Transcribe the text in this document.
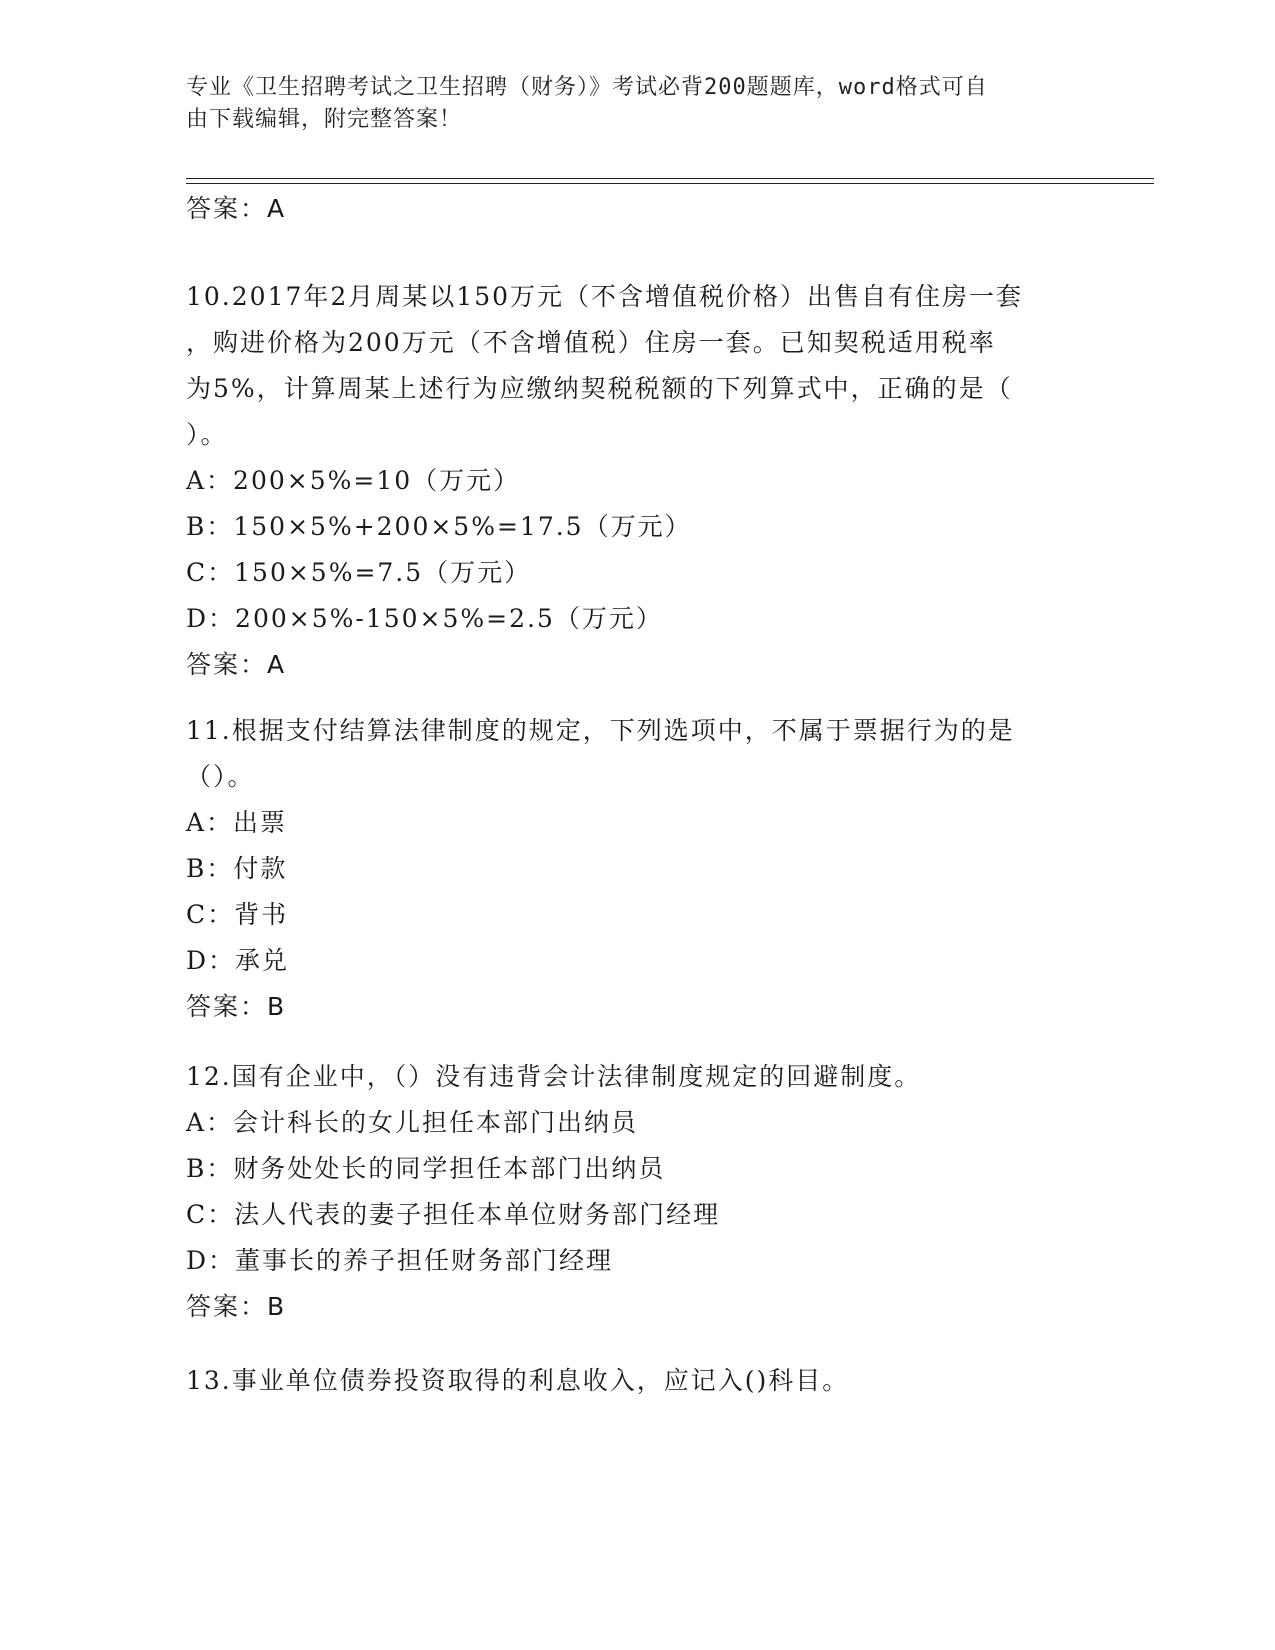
专业《卫生招聘考试之卫生招聘（财务）》考试必背200题题库，word格式可自
由下载编辑，附完整答案！
答案：A
10.2017年2月周某以150万元（不含增值税价格）出售自有住房一套
，购进价格为200万元（不含增值税）住房一套。已知契税适用税率
为5%，计算周某上述行为应缴纳契税税额的下列算式中，正确的是（
）。
A：200×5%=10（万元）
B：150×5%+200×5%=17.5（万元）
C：150×5%=7.5（万元）
D：200×5%-150×5%=2.5（万元）
答案：A
11.根据支付结算法律制度的规定，下列选项中，不属于票据行为的是
（）。
A：出票
B：付款
C：背书
D：承兑
答案：B
12.国有企业中，（）没有违背会计法律制度规定的回避制度。
A：会计科长的女儿担任本部门出纳员
B：财务处处长的同学担任本部门出纳员
C：法人代表的妻子担任本单位财务部门经理
D：董事长的养子担任财务部门经理
答案：B
13.事业单位债券投资取得的利息收入，应记入()科目。
